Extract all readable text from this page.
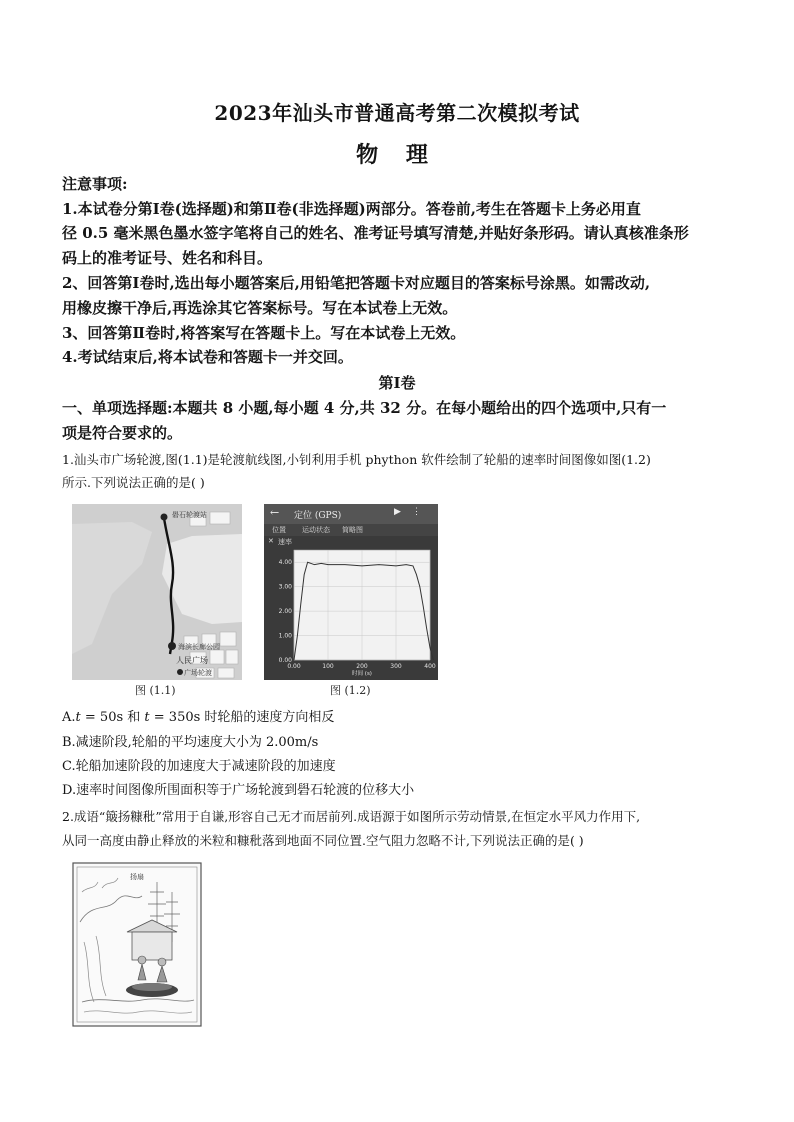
2023年汕头市普通高考第二次模拟考试
物 理
注意事项:
1.本试卷分第Ⅰ卷(选择题)和第Ⅱ卷(非选择题)两部分。答卷前,考生在答题卡上务必用直
径 0.5 毫米黑色墨水签字笔将自己的姓名、准考证号填写清楚,并贴好条形码。请认真核准条形
码上的准考证号、姓名和科目。
2、回答第Ⅰ卷时,选出每小题答案后,用铅笔把答题卡对应题目的答案标号涂黑。如需改动,
用橡皮擦干净后,再选涂其它答案标号。写在本试卷上无效。
3、回答第Ⅱ卷时,将答案写在答题卡上。写在本试卷上无效。
4.考试结束后,将本试卷和答题卡一并交回。
第Ⅰ卷
一、单项选择题:本题共 8 小题,每小题 4 分,共 32 分。在每小题给出的四个选项中,只有一
项是符合要求的。
1.汕头市广场轮渡,图(1.1)是轮渡航线图,小钊利用手机 phython 软件绘制了轮船的速率时间图像如图(1.2)
所示.下列说法正确的是( )
礐石轮渡站
海滨长廊公园
人民广场
广场轮渡
图 (1.1)
← 定位 (GPS)	▶ ⋮
位置 运动状态 简略图
✕ 速率
0.00
1.00
2.00
3.00
4.00
0.00	100	200	300	400
时间 (s)
图 (1.2)
A.t = 50s 和 t = 350s 时轮船的速度方向相反
B.减速阶段,轮船的平均速度大小为 2.00m/s
C.轮船加速阶段的加速度大于减速阶段的加速度
D.速率时间图像所围面积等于广场轮渡到礐石轮渡的位移大小
2.成语“簸扬糠秕”常用于自谦,形容自己无才而居前列.成语源于如图所示劳动情景,在恒定水平风力作用下,
从同一高度由静止释放的米粒和糠秕落到地面不同位置.空气阻力忽略不计,下列说法正确的是( )
扬扇
